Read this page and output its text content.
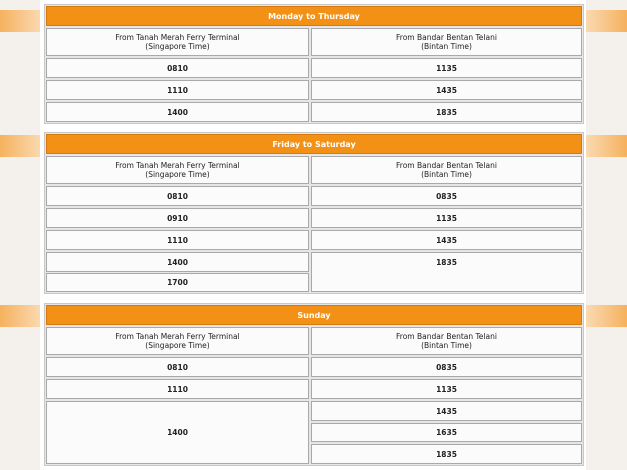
Monday to Thursday
From Tanah Merah Ferry Terminal
(Singapore Time)
From Bandar Bentan Telani
(Bintan Time)
0810
1110
1400
1135
1435
1835
Friday to Saturday
From Tanah Merah Ferry Terminal
(Singapore Time)
From Bandar Bentan Telani
(Bintan Time)
0810
0910
1110
1400
1700
0835
1135
1435
1835
Sunday
From Tanah Merah Ferry Terminal
(Singapore Time)
From Bandar Bentan Telani
(Bintan Time)
0810
1110
1400
0835
1135
1435
1635
1835
